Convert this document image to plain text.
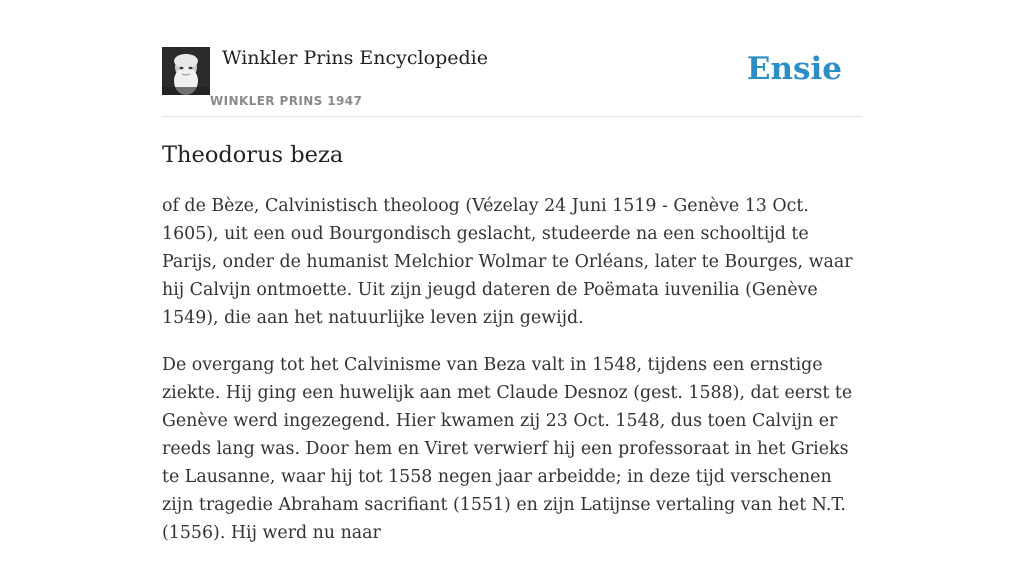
Winkler Prins Encyclopedie
WINKLER PRINS 1947
Ensie
Theodorus beza

of de Bèze, Calvinistisch theoloog (Vézelay 24 Juni 1519 - Genève 13 Oct. 1605), uit een oud Bourgondisch geslacht, studeerde na een schooltijd te Parijs, onder de humanist Melchior Wolmar te Orléans, later te Bourges, waar hij Calvijn ontmoette. Uit zijn jeugd dateren de Poëmata iuvenilia (Genève 1549), die aan het natuurlijke leven zijn gewijd.

De overgang tot het Calvinisme van Beza valt in 1548, tijdens een ernstige ziekte. Hij ging een huwelijk aan met Claude Desnoz (gest. 1588), dat eerst te Genève werd ingezegend. Hier kwamen zij 23 Oct. 1548, dus toen Calvijn er reeds lang was. Door hem en Viret verwierf hij een professoraat in het Grieks te Lausanne, waar hij tot 1558 negen jaar arbeidde; in deze tijd verschenen zijn tragedie Abraham sacrifiant (1551) en zijn Latijnse vertaling van het N.T. (1556). Hij werd nu naar
